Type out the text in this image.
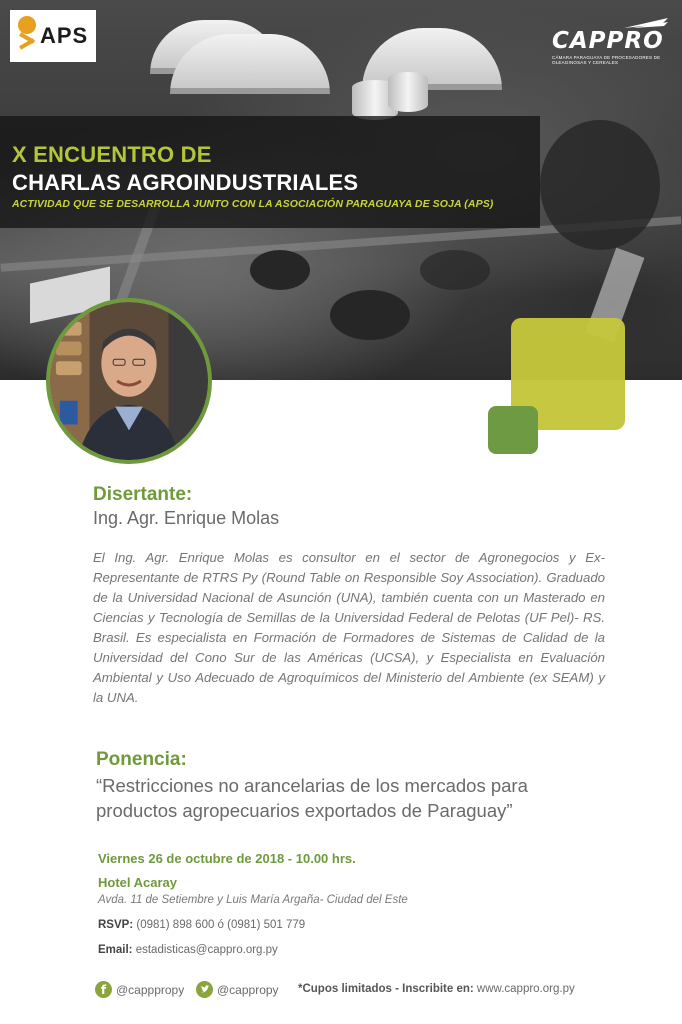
APS	CAPPRO
CÁMARA PARAGUAYA DE PROCESADORES DE OLEAGINOSAS Y CEREALES
X ENCUENTRO DE
CHARLAS AGROINDUSTRIALES
ACTIVIDAD QUE SE DESARROLLA JUNTO CON LA ASOCIACIÓN PARAGUAYA DE SOJA (APS)
Disertante:
Ing. Agr. Enrique Molas
El Ing. Agr. Enrique Molas es consultor en el sector de Agronegocios y Ex-Representante de RTRS Py (Round Table on Responsible Soy Association). Graduado de la Universidad Nacional de Asunción (UNA), también cuenta con un Masterado en Ciencias y Tecnología de Semillas de la Universidad Federal de Pelotas (UF Pel)- RS. Brasil. Es especialista en Formación de Formadores de Sistemas de Calidad de la Universidad del Cono Sur de las Américas (UCSA), y Especialista en Evaluación Ambiental y Uso Adecuado de Agroquímicos del Ministerio del Ambiente (ex SEAM) y la UNA.
Ponencia:
“Restricciones no arancelarias de los mercados para productos agropecuarios exportados de Paraguay”
Viernes 26 de octubre de 2018 - 10.00 hrs.
Hotel Acaray
Avda. 11 de Setiembre y Luis María Argaña- Ciudad del Este
RSVP: (0981) 898 600 ó (0981) 501 779
Email: estadisticas@cappro.org.py
f @capppropy	@cappropy *Cupos limitados - Inscribite en: www.cappro.org.py
